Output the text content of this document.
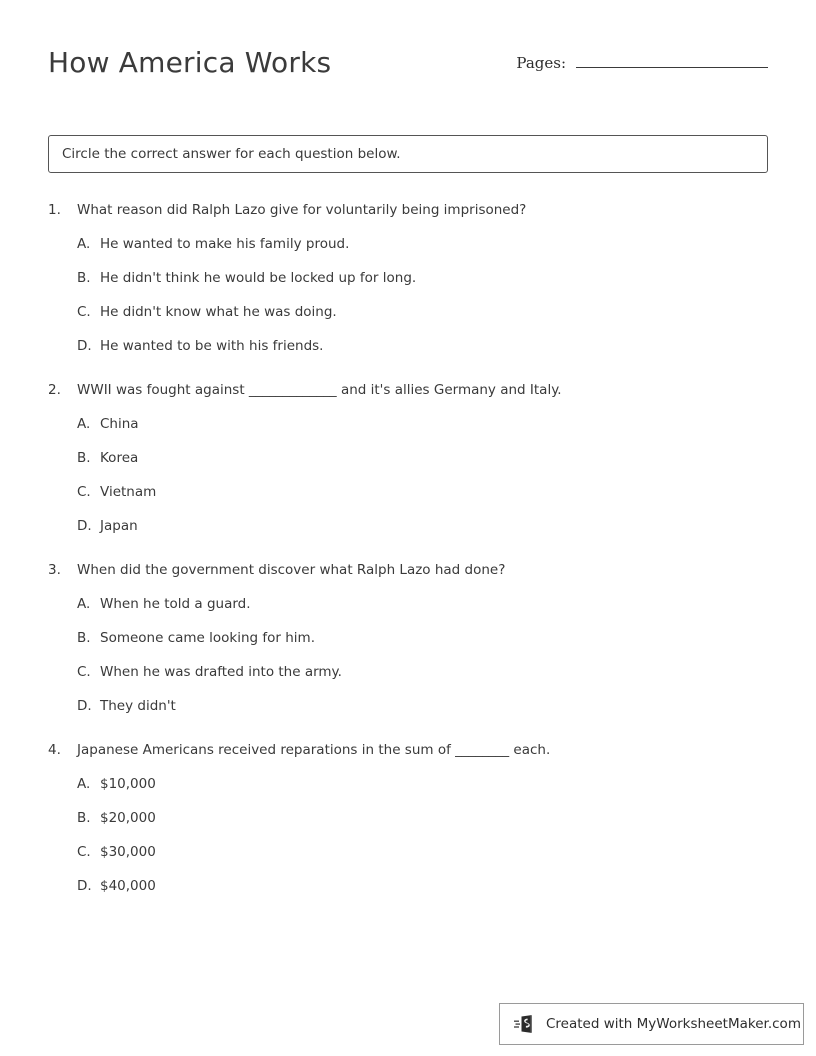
How America Works	Pages:
Circle the correct answer for each question below.
1.	What reason did Ralph Lazo give for voluntarily being imprisoned?
A. He wanted to make his family proud.
B. He didn't think he would be locked up for long.
C. He didn't know what he was doing.
D. He wanted to be with his friends.
2.	WWII was fought against _____________ and it's allies Germany and Italy.
A. China
B. Korea
C. Vietnam
D. Japan
3.	When did the government discover what Ralph Lazo had done?
A. When he told a guard.
B. Someone came looking for him.
C. When he was drafted into the army.
D. They didn't
4.	Japanese Americans received reparations in the sum of ________ each.
A. $10,000
B. $20,000
C. $30,000
D. $40,000
Created with MyWorksheetMaker.com
